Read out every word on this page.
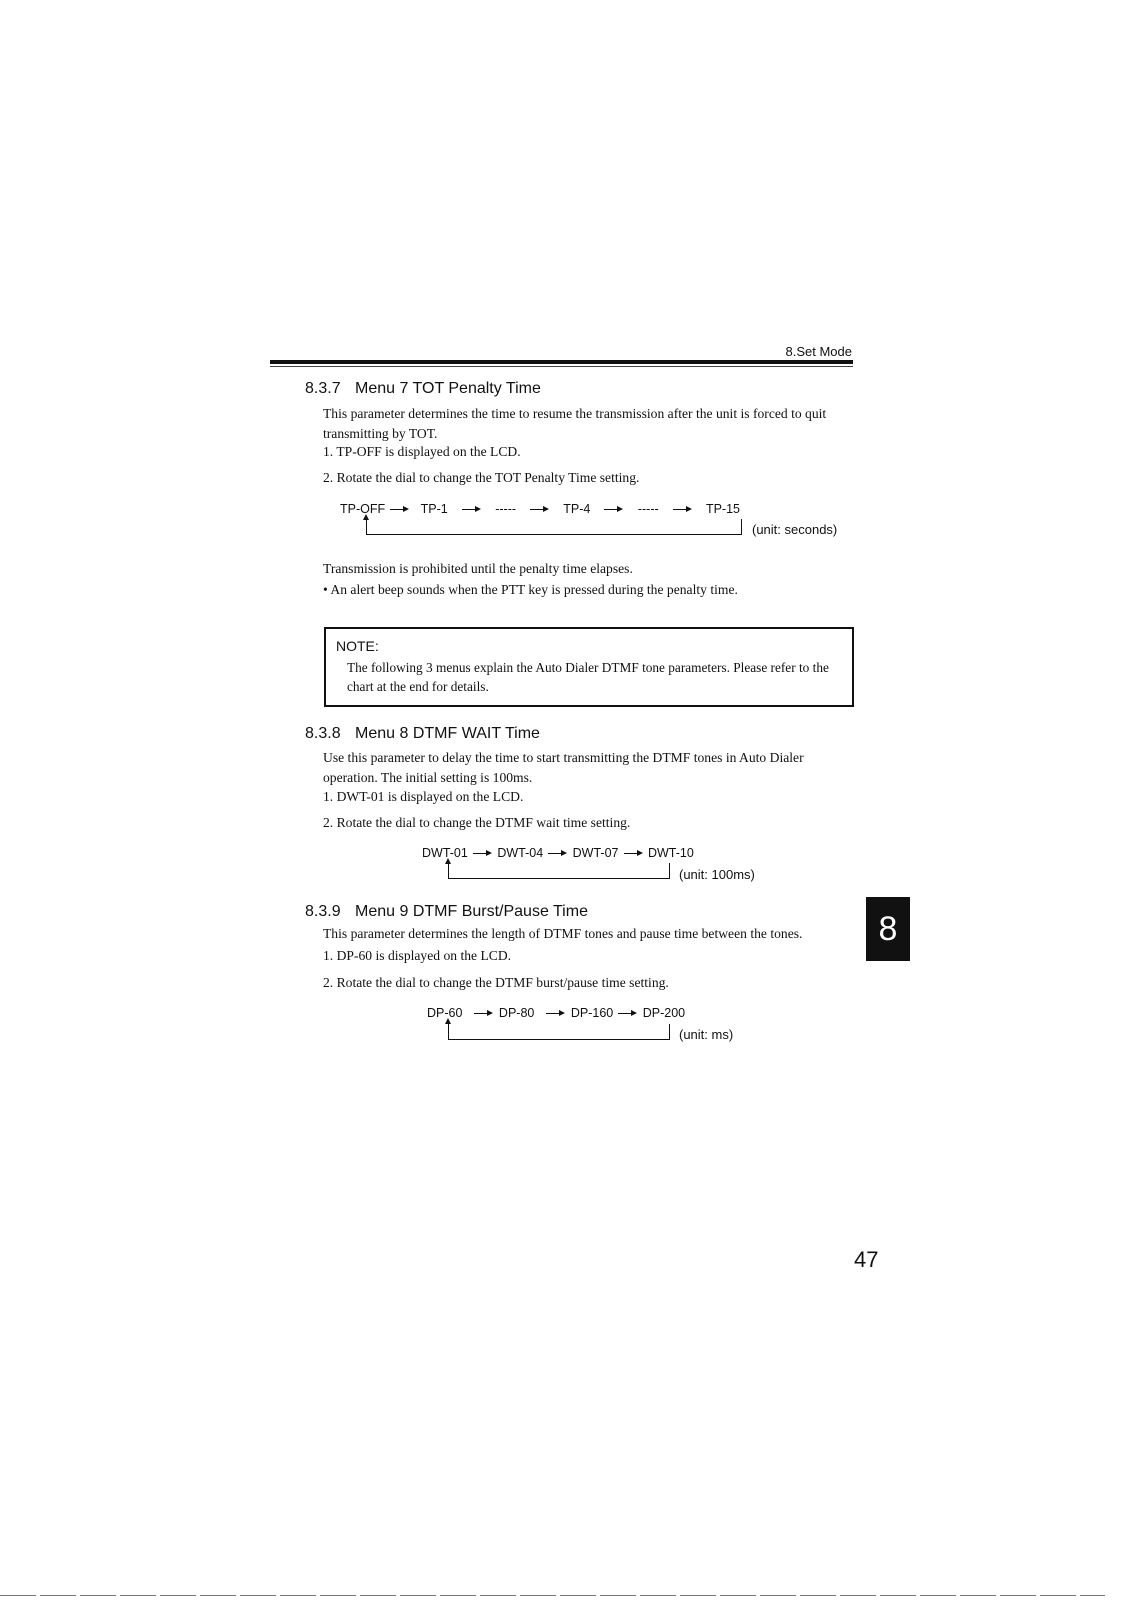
8.Set Mode
8.3.7 Menu 7 TOT Penalty Time
This parameter determines the time to resume the transmission after the unit is forced to quit transmitting by TOT.
1. TP-OFF is displayed on the LCD.
2. Rotate the dial to change the TOT Penalty Time setting.
TP-OFF	TP-1	-----	TP-4	-----	TP-15
(unit: seconds)
Transmission is prohibited until the penalty time elapses.
• An alert beep sounds when the PTT key is pressed during the penalty time.
NOTE:
The following 3 menus explain the Auto Dialer DTMF tone parameters. Please refer to the chart at the end for details.
8.3.8 Menu 8 DTMF WAIT Time
Use this parameter to delay the time to start transmitting the DTMF tones in Auto Dialer operation. The initial setting is 100ms.
1. DWT-01 is displayed on the LCD.
2. Rotate the dial to change the DTMF wait time setting.
DWT-01 DWT-04 DWT-07 DWT-10
(unit: 100ms)
8.3.9 Menu 9 DTMF Burst/Pause Time
This parameter determines the length of DTMF tones and pause time between the tones.
1. DP-60 is displayed on the LCD.
2. Rotate the dial to change the DTMF burst/pause time setting.
DP-60	DP-80	DP-160 DP-200
(unit: ms)
8
47
